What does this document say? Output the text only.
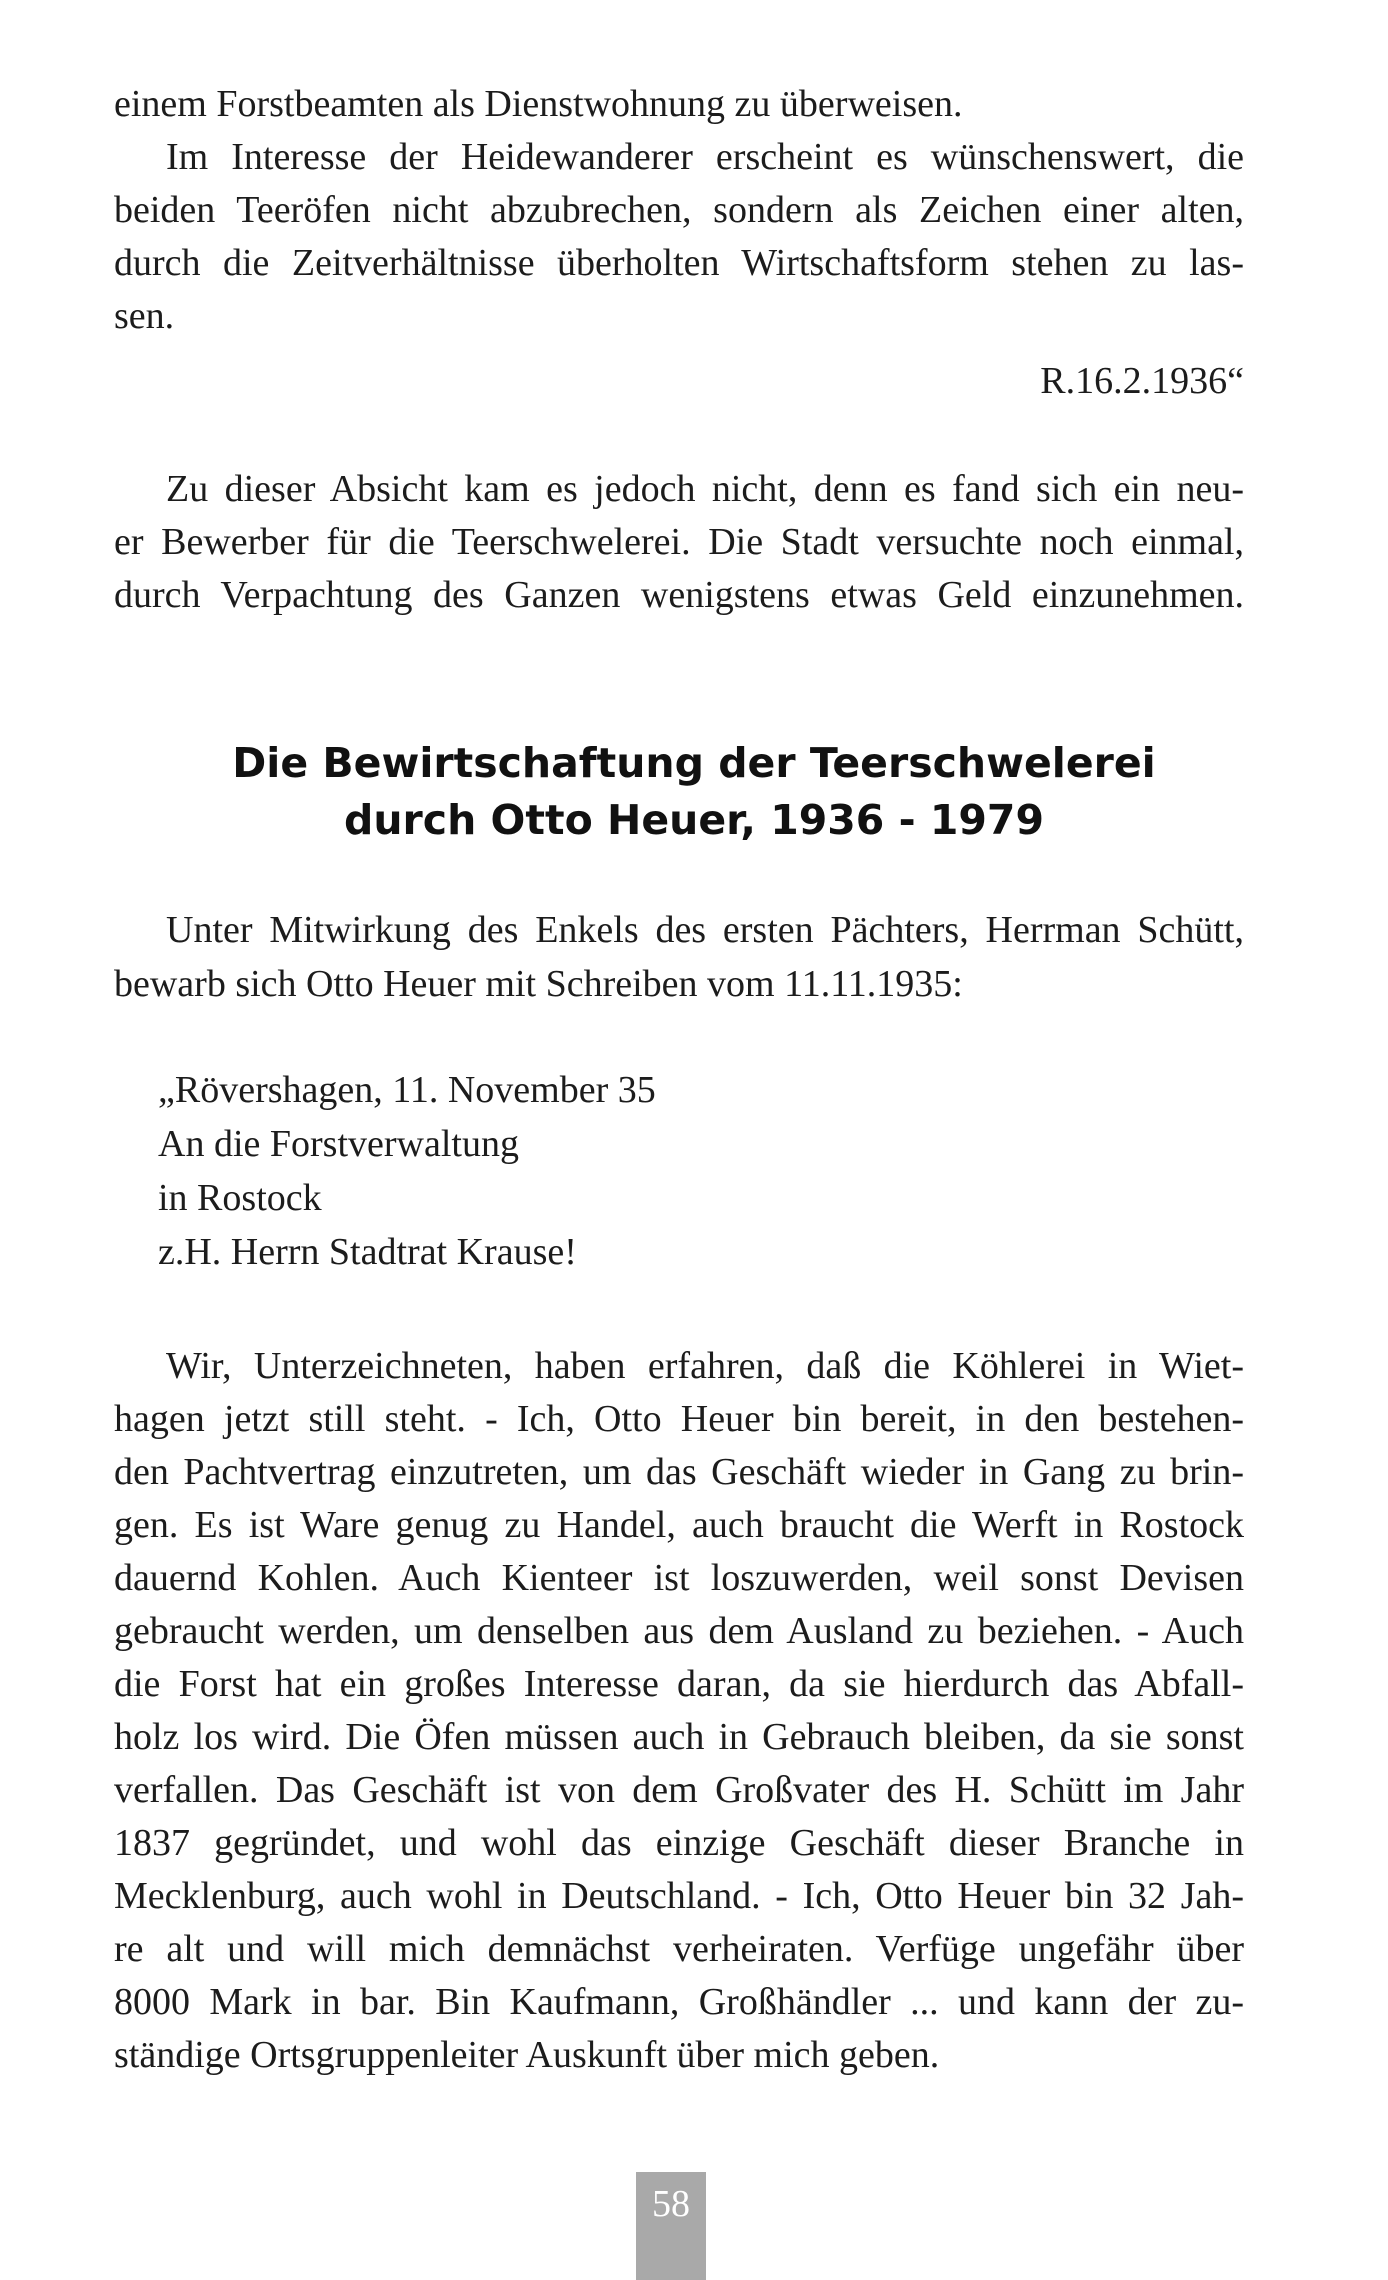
einem Forstbeamten als Dienstwohnung zu überweisen.

Im Interesse der Heidewanderer erscheint es wünschenswert, die

beiden Teeröfen nicht abzubrechen, sondern als Zeichen einer alten,

durch die Zeitverhältnisse überholten Wirtschaftsform stehen zu las-

sen.

R.16.2.1936“

Zu dieser Absicht kam es jedoch nicht, denn es fand sich ein neu-

er Bewerber für die Teerschwelerei. Die Stadt versuchte noch einmal,

durch Verpachtung des Ganzen wenigstens etwas Geld einzunehmen.

Die Bewirtschaftung der Teerschwelerei
durch Otto Heuer, 1936 - 1979

Unter Mitwirkung des Enkels des ersten Pächters, Herrman Schütt,

bewarb sich Otto Heuer mit Schreiben vom 11.11.1935:

„Rövershagen, 11. November 35

An die Forstverwaltung

in Rostock

z.H. Herrn Stadtrat Krause!

Wir, Unterzeichneten, haben erfahren, daß die Köhlerei in Wiet-

hagen jetzt still steht. - Ich, Otto Heuer bin bereit, in den bestehen-

den Pachtvertrag einzutreten, um das Geschäft wieder in Gang zu brin-

gen. Es ist Ware genug zu Handel, auch braucht die Werft in Rostock

dauernd Kohlen. Auch Kienteer ist loszuwerden, weil sonst Devisen

gebraucht werden, um denselben aus dem Ausland zu beziehen. - Auch

die Forst hat ein großes Interesse daran, da sie hierdurch das Abfall-

holz los wird. Die Öfen müssen auch in Gebrauch bleiben, da sie sonst

verfallen. Das Geschäft ist von dem Großvater des H. Schütt im Jahr

1837 gegründet, und wohl das einzige Geschäft dieser Branche in

Mecklenburg, auch wohl in Deutschland. - Ich, Otto Heuer bin 32 Jah-

re alt und will mich demnächst verheiraten. Verfüge ungefähr über

8000 Mark in bar. Bin Kaufmann, Großhändler ... und kann der zu-

ständige Ortsgruppenleiter Auskunft über mich geben.

58
